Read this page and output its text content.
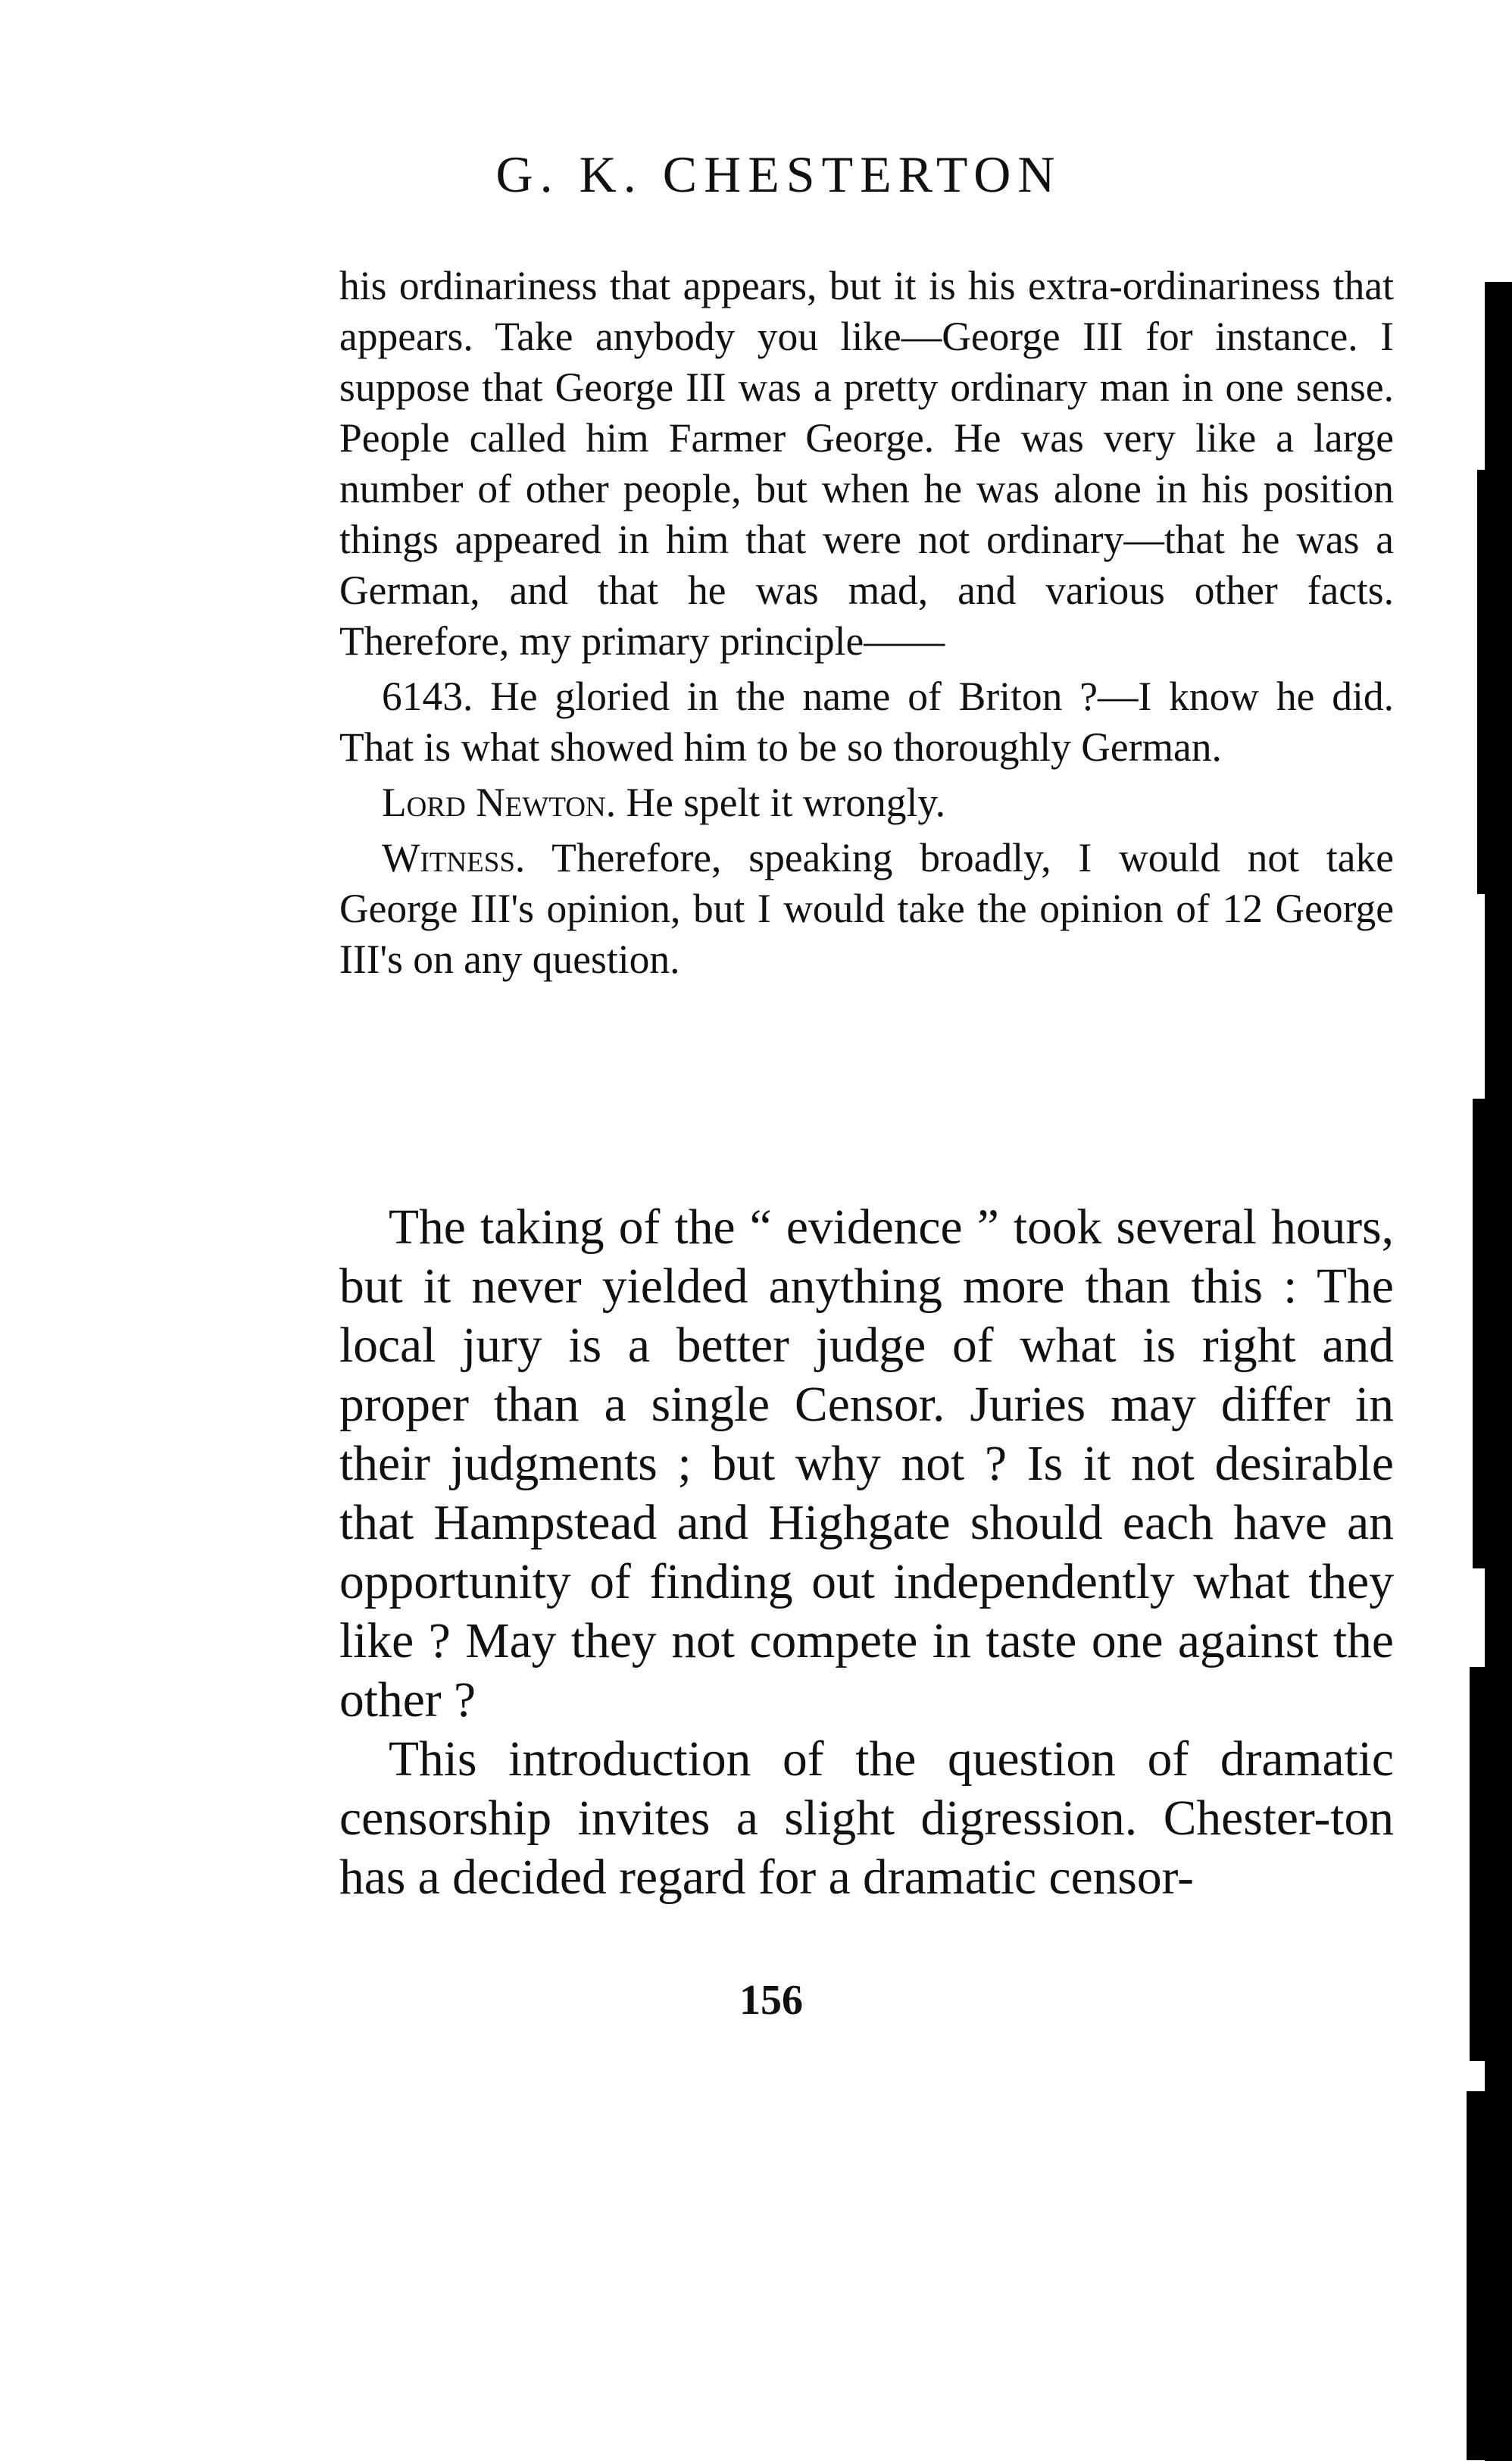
G. K. CHESTERTON

his ordinariness that appears, but it is his extra-ordinariness that appears. Take anybody you like—George III for instance. I suppose that George III was a pretty ordinary man in one sense. People called him Farmer George. He was very like a large number of other people, but when he was alone in his position things appeared in him that were not ordinary—that he was a German, and that he was mad, and various other facts. Therefore, my primary principle——

6143. He gloried in the name of Briton ?—I know he did. That is what showed him to be so thoroughly German.

Lord Newton. He spelt it wrongly.

Witness. Therefore, speaking broadly, I would not take George III's opinion, but I would take the opinion of 12 George III's on any question.

The taking of the “ evidence ” took several hours, but it never yielded anything more than this : The local jury is a better judge of what is right and proper than a single Censor. Juries may differ in their judgments ; but why not ? Is it not desirable that Hampstead and Highgate should each have an opportunity of finding out independently what they like ? May they not compete in taste one against the other ?

This introduction of the question of dramatic censorship invites a slight digression. Chester-ton has a decided regard for a dramatic censor-

156
